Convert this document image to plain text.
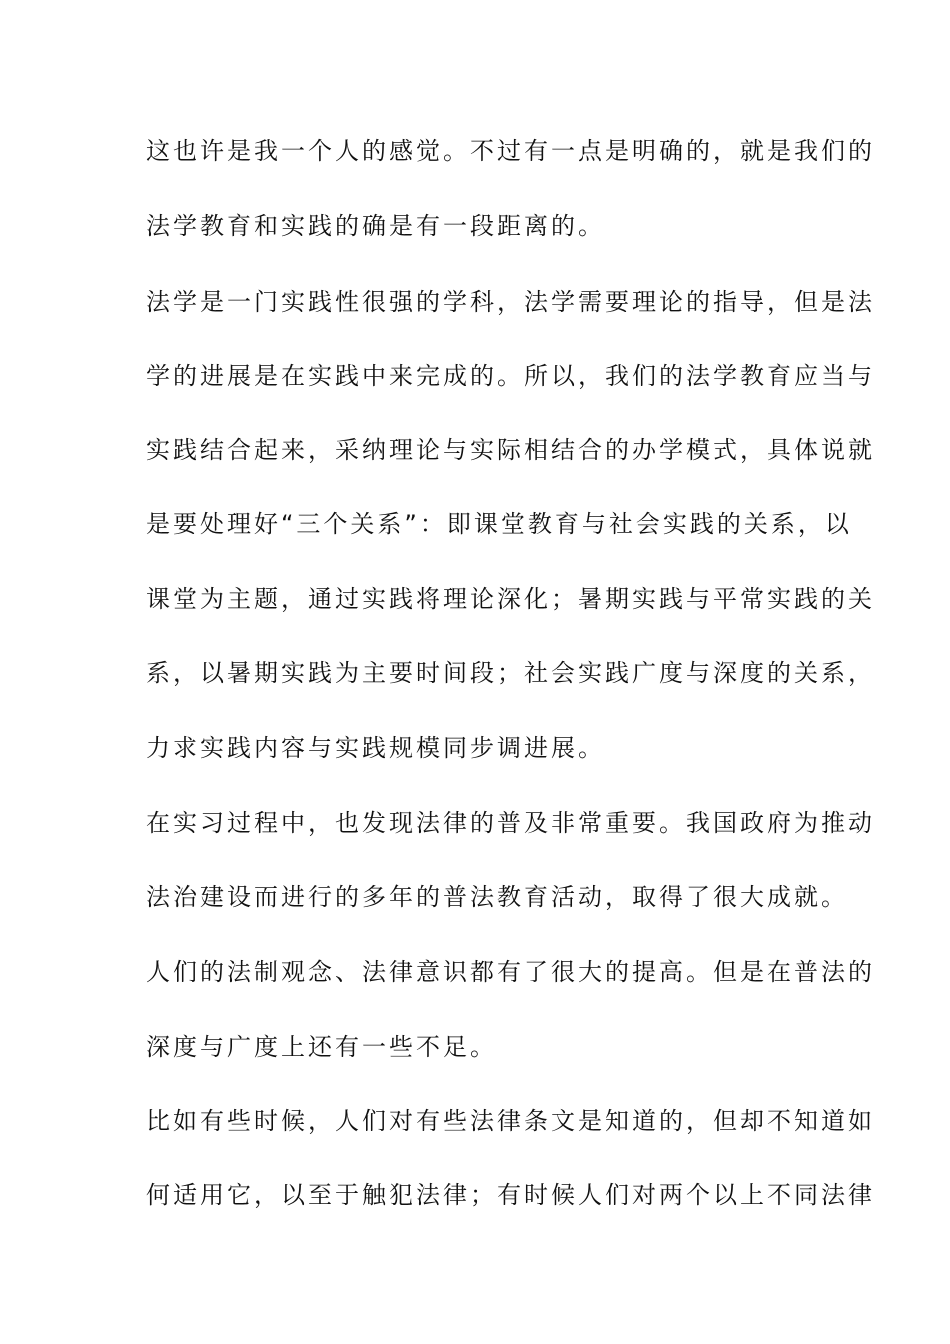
这也许是我一个人的感觉。不过有一点是明确的，就是我们的
法学教育和实践的确是有一段距离的。
法学是一门实践性很强的学科，法学需要理论的指导，但是法
学的进展是在实践中来完成的。所以，我们的法学教育应当与
实践结合起来，采纳理论与实际相结合的办学模式，具体说就
是要处理好“三个关系”：即课堂教育与社会实践的关系，以
课堂为主题，通过实践将理论深化；暑期实践与平常实践的关
系，以暑期实践为主要时间段；社会实践广度与深度的关系，
力求实践内容与实践规模同步调进展。
在实习过程中，也发现法律的普及非常重要。我国政府为推动
法治建设而进行的多年的普法教育活动，取得了很大成就。
人们的法制观念、法律意识都有了很大的提高。但是在普法的
深度与广度上还有一些不足。
比如有些时候，人们对有些法律条文是知道的，但却不知道如
何适用它，以至于触犯法律；有时候人们对两个以上不同法律
